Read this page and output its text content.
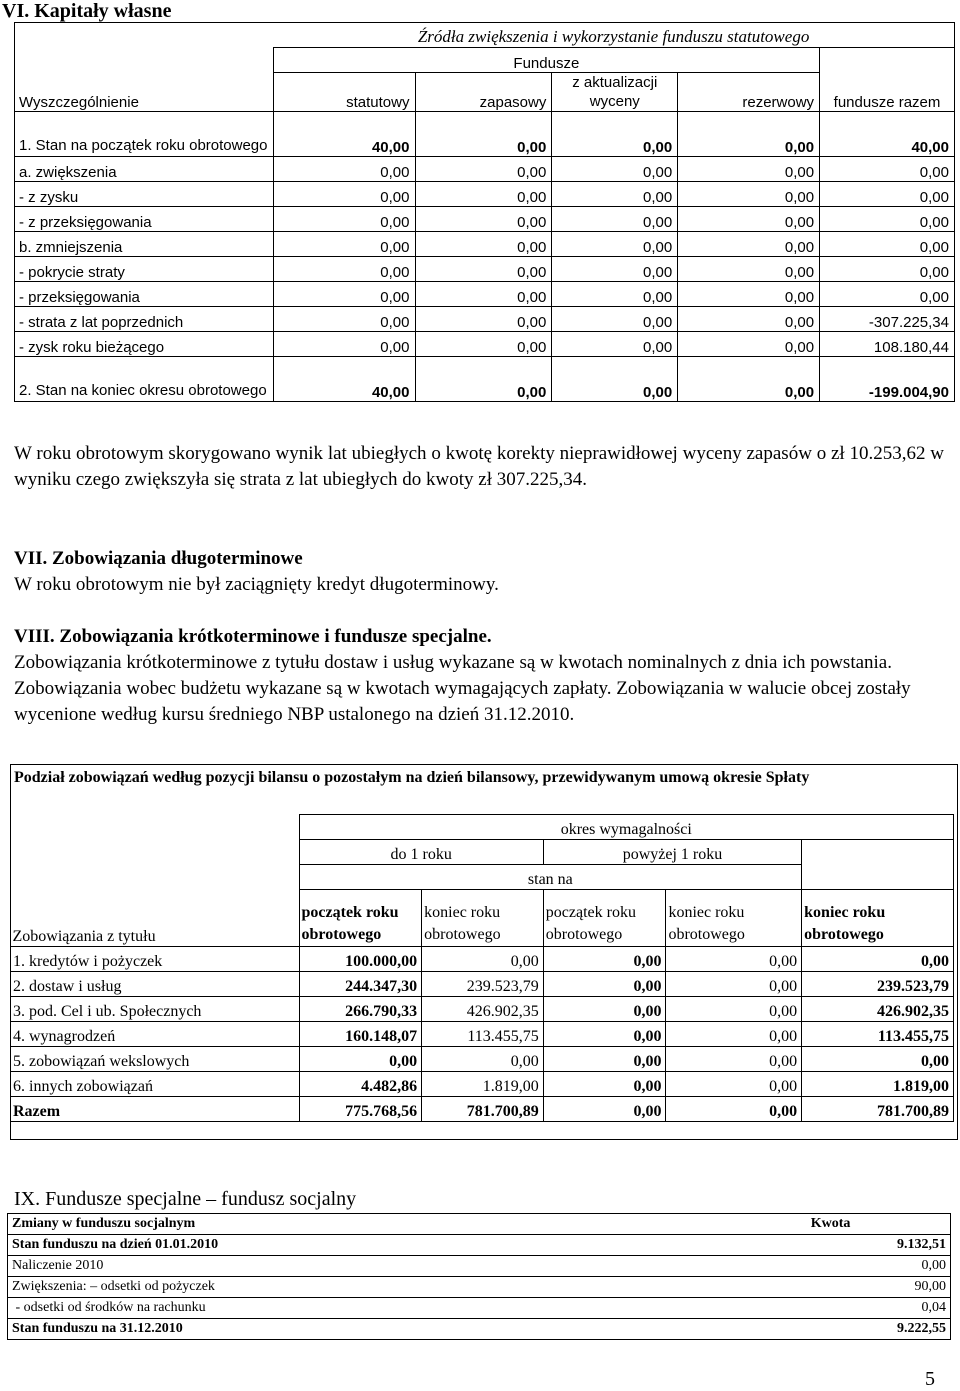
VI. Kapitały własne
	Źródła zwiększenia i wykorzystanie funduszu statutowego				
Wyszczególnienie	Fundusze				fundusze razem
	statutowy	zapasowy	z aktualizacji wyceny	rezerwowy	
1. Stan na początek roku obrotowego	40,00	0,00	0,00	0,00	40,00
a. zwiększenia	0,00	0,00	0,00	0,00	0,00
- z zysku	0,00	0,00	0,00	0,00	0,00
- z przeksięgowania	0,00	0,00	0,00	0,00	0,00
b. zmniejszenia	0,00	0,00	0,00	0,00	0,00
- pokrycie straty	0,00	0,00	0,00	0,00	0,00
- przeksięgowania	0,00	0,00	0,00	0,00	0,00
- strata z lat poprzednich	0,00	0,00	0,00	0,00	-307.225,34
- zysk roku bieżącego	0,00	0,00	0,00	0,00	108.180,44
2. Stan na koniec okresu obrotowego	40,00	0,00	0,00	0,00	-199.004,90
W roku obrotowym skorygowano wynik lat ubiegłych o kwotę korekty nieprawidłowej wyceny zapasów o zł 10.253,62 w wyniku czego zwiększyła się strata z lat ubiegłych do kwoty zł 307.225,34.
VII. Zobowiązania długoterminowe
W roku obrotowym nie był zaciągnięty kredyt długoterminowy.
VIII. Zobowiązania krótkoterminowe i fundusze specjalne.
Zobowiązania krótkoterminowe z tytułu dostaw i usług wykazane są w kwotach nominalnych z dnia ich powstania. Zobowiązania wobec budżetu wykazane są w kwotach wymagających zapłaty. Zobowiązania w walucie obcej zostały wycenione według kursu średniego NBP ustalonego na dzień 31.12.2010.
Podział zobowiązań według pozycji bilansu o pozostałym na dzień bilansowy, przewidywanym umową okresie Spłaty
Zobowiązania z tytułu	okres wymagalności				
	do 1 roku		powyżej 1 roku		
	stan na				
	początek roku obrotowego	koniec roku obrotowego	początek roku obrotowego	koniec roku obrotowego	koniec roku obrotowego
1. kredytów i pożyczek	100.000,00	0,00	0,00	0,00	0,00
2. dostaw i usług	244.347,30	239.523,79	0,00	0,00	239.523,79
3. pod. Cel i ub. Społecznych	266.790,33	426.902,35	0,00	0,00	426.902,35
4. wynagrodzeń	160.148,07	113.455,75	0,00	0,00	113.455,75
5. zobowiązań wekslowych	0,00	0,00	0,00	0,00	0,00
6. innych zobowiązań	4.482,86	1.819,00	0,00	0,00	1.819,00
Razem	775.768,56	781.700,89	0,00	0,00	781.700,89
IX. Fundusze specjalne – fundusz socjalny
Zmiany w funduszu socjalnym	Kwota
Stan funduszu na dzień 01.01.2010	9.132,51
Naliczenie 2010	0,00
Zwiększenia: – odsetki od pożyczek	90,00
- odsetki od środków na rachunku	0,04
Stan funduszu na 31.12.2010	9.222,55
5
